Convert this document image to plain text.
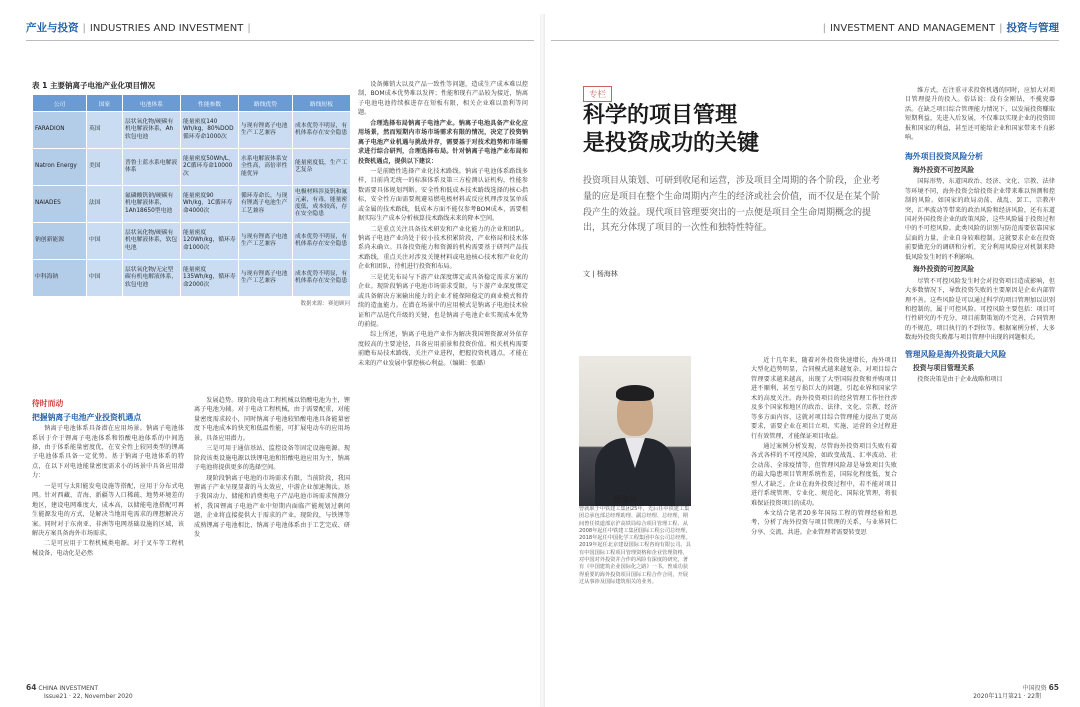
产业与投资 | INDUSTRIES AND INVESTMENT |
表 1 主要钠离子电池产业化项目情况
公司	国家	电池体系	性能参数	路线优势	路线短板
FARADION	英国	层状氧化物/硬碳有机电解液体系，Ah软包电池	能量密度140 Wh/kg，80%DOD循环寿命1000次	与现有锂离子电池生产工艺兼容	成本优势不明显，有机体系存在安全隐患
Natron Energy	美国	普鲁士蓝水系电解液体系	能量密度50Wh/L，2C循环寿命10000次	水系电解液体系安全性高，高倍率性能优异	能量密度低，生产工艺复杂
NAIADES	法国	氟磷酸钒钠/硬碳有机电解液体系，1Ah18650型电池	能量密度90 Wh/kg，1C循环寿命4000次	循环寿命长，与现有锂离子电池生产工艺兼容	电极材料涉及钒和氟元素，有毒，能量密度低，成本较高，存在安全隐患
钠创新能源	中国	层状氧化物/硬碳有机电解液体系，软包电池	能量密度120Wh/kg，循环寿命1000次	与现有锂离子电池生产工艺兼容	成本优势不明显，有机体系存在安全隐患
中科海钠	中国	层状氧化物/无定型碳有机电解液体系，软包电池	能量密度135Wh/kg，循环寿命2000次	与现有锂离子电池生产工艺兼容	成本优势不明显，有机体系存在安全隐患
数据来源：赛迪顾问

设备摊销大以及产品一致性等问题，造成生产成本难以控制，BOM成本优势难以发挥；性能和现有产品较为接近，钠离子电池电池持续推进存在短板有限，相关企业难以盈利等问题。

合理选择布局钠离子电池产业。钠离子电池具备产业化应用场景，然而短期内市场市场需求有限的情况，决定了投资钠离子电池产业机遇与挑战并存，需要基于对技术趋势和市场需求进行综合研判，合理选择布局。针对钠离子电池产业布局和投资机遇点，提供以下建议：

一是前瞻性选择产业化技术路线。钠离子电池体系路线多样，目前尚无统一的标准体系及第三方检测认证机构，性能参数需要具体规划判断。安全性和低成本技术路线选择的核心指标，安全性方面需要规避易燃电极材料或反应机理涉及氢单质或金属的技术路线，低成本方面不能仅参考BOM成本，需要根据实际生产成本分析核算技术路线未来的降本空间。

二是重点关注具备技术研发和产业化能力的企业和团队。钠离子电池产业尚处于较小技术积累阶段，产业格局和技术体系尚未确立。具备投资能力和资源的机构需要基于研判产品技术路线，重点关注对涉及关键材料或电池核心技术和产业化的企业和团队，待机进行投资和布局。

三是优先布局与下游产业深度绑定或具备稳定需求方案的企业。现阶段钠离子电池市场需求受限，与下游产业深度绑定或具备解决方案输出能力的企业才能保障稳定的商业模式和持续的造血能力。在潜在场景中的应用模式是钠离子电池技术验证和产品迭代升级的关键，也是钠离子电池企业实现成本优势的前提。

综上所述，钠离子电池产业作为解决我国锂资源对外依存度较高的主要途径，具备应用前景和投资价值。相关机构需要前瞻布局技术路线，关注产业进程，把握投资机遇点，才能在未来的产业发展中掌控核心利益。（编辑：张璐）

待时而动
把握钠离子电池产业投资机遇点

钠离子电池体系具备潜在应用场景。钠离子电池体系居于介于锂离子电池体系和铅酸电池体系的中间选择，由于体系能量密度优，在安全性上较同类型的锂离子电池体系具备一定优势。基于钠离子电池体系的特点，在以下对电池能量密度需求小的场景中具备应用潜力：

一是可与太阳能发电设施等搭配，应用于分布式电网。针对西藏、青海、新疆等人口稀疏、地势环境差的地区，建设电网难度大，成本高，以储能电池搭配可再生能源发电的方式，是解决当地用电需求的理想解决方案。同时对于东南亚、非洲等电网基础设施的区域，该解决方案具备海外市场需求。

二是可应用于工程机械类电源。对于叉车等工程机械设备，电动化是必然

发展趋势。现阶段电动工程机械以铅酸电池为主，锂离子电池为辅。对于电动工程机械，由于需要配重，对能量密度需求较小，同时钠离子电池较铅酸电池具备能量密度下电池成本的快充和低温性能，可扩展电动车的应用场景，具备应用潜力。

三是可用于通信基站、监控设备等固定设施电源。现阶段该类设施电源以铁锂电池和铅酸电池应用为主，钠离子电池将提供更多的选择空间。

现阶段钠离子电池的市场需求有限，当前阶段，我国锂离子产业呈现显著的马太效应，中游企业加速淘汰。基于我国动力、储能和消费类电子产品电池市场需求预测分析，我国锂离子电池产业中短期内面临产能规划过剩问题，企业将直接提供大于需求的产业。现阶段，与铁锂等成熟锂离子电池相比，钠离子电池体系由于工艺完成、研发

64 CHINA INVESTMENT
Issue21 · 22, November 2020
| INVESTMENT AND MANAGEMENT | 投资与管理
专栏
科学的项目管理
是投资成功的关键
投资项目从策划、可研到收尾和运营，涉及项目全周期的各个阶段，企业考量的应是项目在整个生命周期内产生的经济或社会价值，而不仅是在某个阶段产生的效益。现代项目管理要突出的一点便是项目全生命周期概念的提出，其充分体现了项目的一次性和独特性特征。
文 | 杨海林
杨海林
曾就职于中铁建工集团25年，先后任中铁建工集团总承包部总经理助理、副总经理、总经理，期间曾任铁道部京沪高铁局综合项目管理工程、从2008年起任中铁建工集团国际工程公司总经理，2018年起任中国化学工程集团中东公司总经理。2019年起任北京建设国际工程咨询有限公司。具有中国国际工程项目管理资格和企业管理资格，对中国对外投资并合作的风险有深度的研究，著有《中国建筑企业国际化之路》一书。曾成功获得重要的海外投资项目国际工程合作合同，开展过从事涉及国际建筑相关的业务。

近十几年来，随着对外投资快速增长，海外项目大型化趋势明显，合同模式越来越复杂，对项目综合管理要求越来越高，出现了大型国际投资和并购项目进不顺利，甚至亏损巨大的问题，引起业界和国家学术的高度关注。海外投资项目的经营管理工作往往涉及多个国家和地区的政治、法律、文化、宗教、经济等多方面内容，这就对项目综合管理能力提出了更高要求，需要企业在项目立项、实施、运营的全过程进行有效管理，才能保证项目收益。

通过案例分析发现，尽管海外投资项目失败有着各式各样的不可控风险，如政变战乱、汇率波动、社会动荡、全球疫情等，但管理风险却是导致项目失败的最大隐患项目管理系统性差，国际化程度低，复合型人才缺乏。企业在海外投资过程中，若不能对项目进行系统管理、专业化、规范化、国际化管理，将很难保证投资项目的成功。

本文结合笔者20多年国际工程的管理经验和思考，分析了海外投资与项目管理的关系，与业界同仁分享、交流、共进。企业管理者需要转变思

维方式，在注重寻求投资机遇的同时，应加大对项目管理提升的投入。俗话说：没有金刚钻，不揽瓷器活。在缺乏项目综合管理能力情况下，以发展投资赚取短期利益，先进入后发展，不仅难以实现企业的投资回报和国家的利益，甚至还可能给企业和国家带来不良影响。

海外项目投资风险分析
海外投资不可控风险

国际形势、东道国政治、经济、文化、宗教、法律等环境不同，海外投资会给投资企业带来难以预测和控制的风险。如国家的政局动荡、战乱、罢工、宗教冲突，汇率波动等带来的政治风险和经济风险，还有东道国对外国投资企业的政策风险，这些风险属于投资过程中的不可控风险。此类风险的识别与防范需要依靠国家层面的力量，企业自身较难控制。这就要求企业在投资前要做充分的调研和分析，充分利用风险应对机制来降低风险发生时的不利影响。

海外投资的可控风险

尽管不可控风险发生时会对投资项目造成影响，但大多数情况下，导致投资失败的主要原因是企业内部管理不善。这些风险是可以通过科学的项目管理加以识别和控制的，属于可控风险。可控风险主要包括：项目可行性研究的不充分，项目前期策划的不完善，合同管理的不规范，项目执行的不到位等。根据案例分析，大多数海外投资失败都与项目管理中出现的问题相关。

管理风险是海外投资最大风险
投资与项目管理关系

投资决策是由于企业战略和项目

中国投资 65
2020年11月第21 · 22期
